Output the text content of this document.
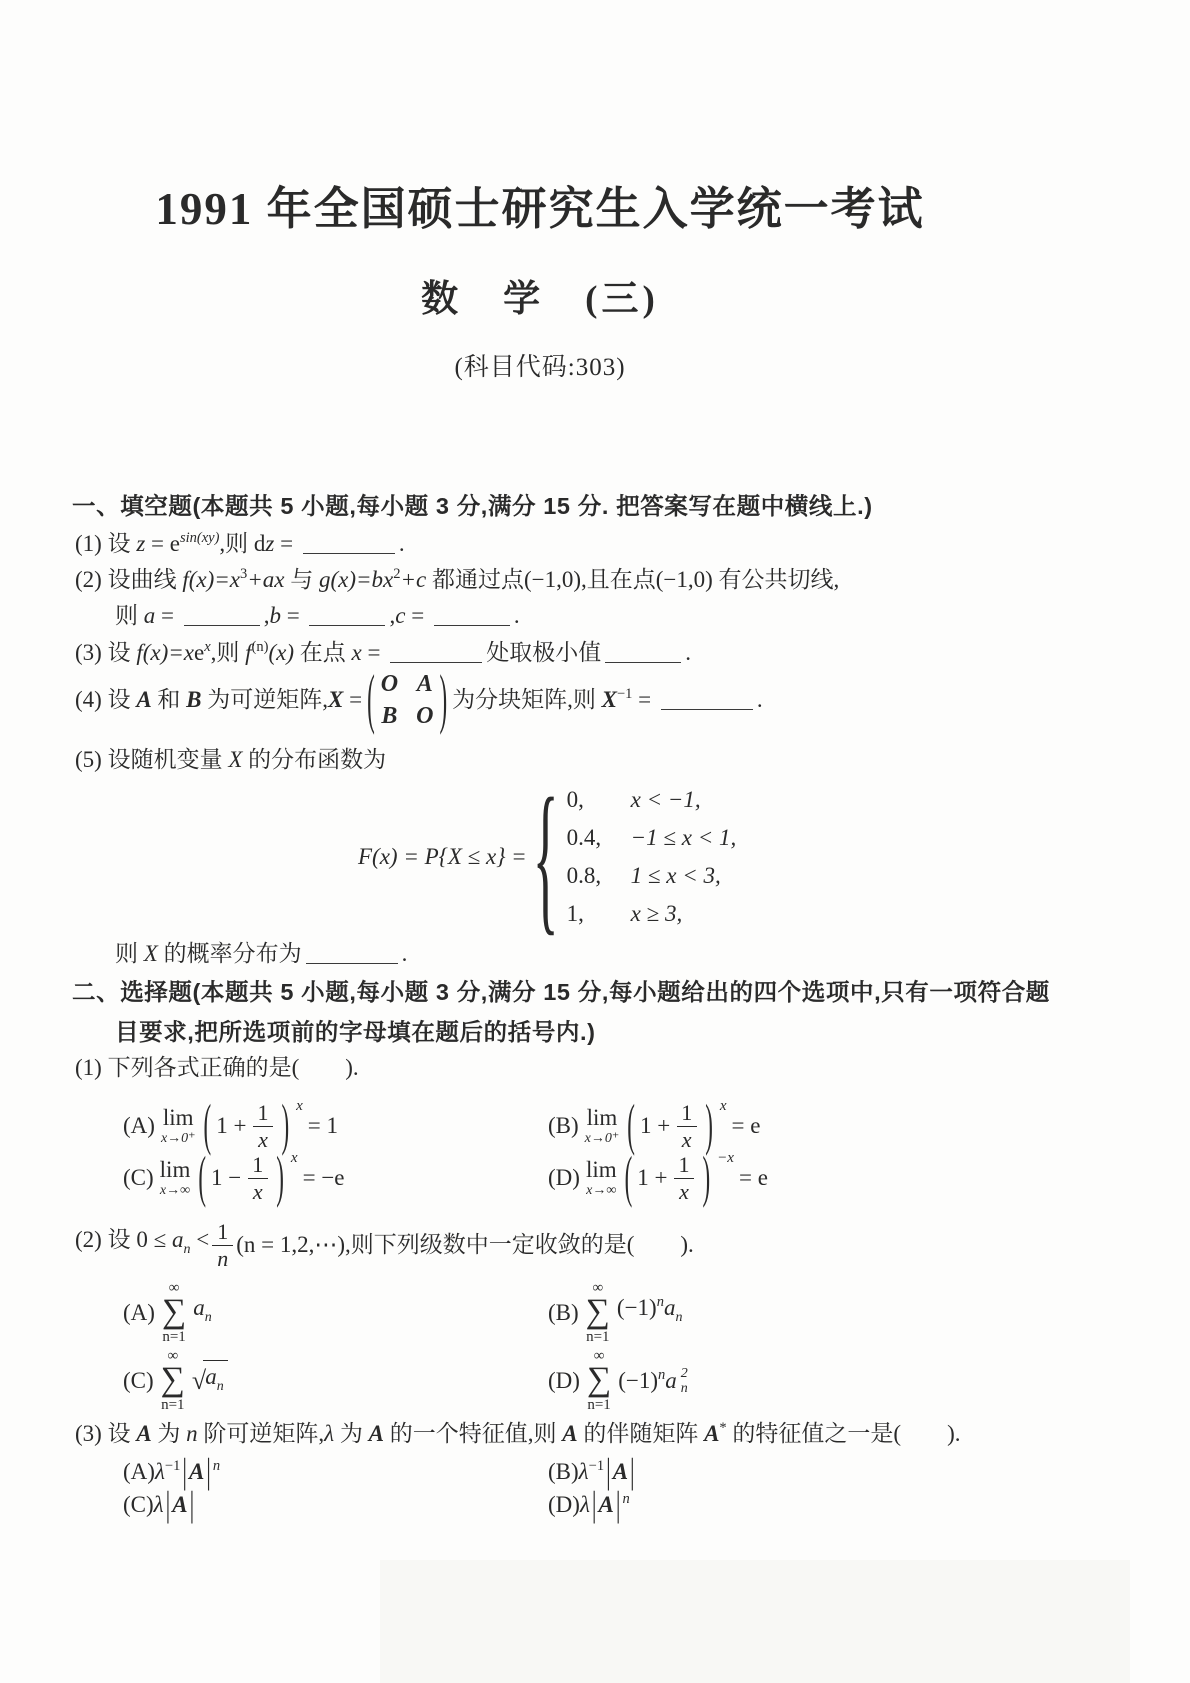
1991 年全国硕士研究生入学统一考试
数　学　(三)
(科目代码:303)
一、填空题(本题共 5 小题,每小题 3 分,满分 15 分. 把答案写在题中横线上.)
(1) 设 z = esin(xy),则 dz =	.
(2) 设曲线 f(x)=x3+ax 与 g(x)=bx2+c 都通过点(−1,0),且在点(−1,0) 有公共切线,
则 a =	,b =	,c =	.
(3) 设 f(x)=xex,则 f(n)(x) 在点 x =	处取极小值	.
(4) 设 A 和 B 为可逆矩阵,X = ( O A
B O ) 为分块矩阵,则 X−1 =	.
(5) 设随机变量 X 的分布函数为
F(x) = P{X ≤ x} = { 0,	x < −1,
0.4,	−1 ≤ x < 1,
0.8,	1 ≤ x < 3,
1,	x ≥ 3,
则 X 的概率分布为	.
二、选择题(本题共 5 小题,每小题 3 分,满分 15 分,每小题给出的四个选项中,只有一项符合题
目要求,把所选项前的字母填在题后的括号内.)
(1) 下列各式正确的是(　　).
(A) lim
x→0⁺ ( $1 + \frac{1}{x}$ ) x
= 1	(B) lim
x→0⁺ ( $1 + \frac{1}{x}$ ) x
= e
(C) lim
x→∞ ( $1 - \frac{1}{x}$ ) x
= −e	(D) lim
x→∞ ( $1 + \frac{1}{x}$ ) −x
= e
(2) 设 $0 \le a_n < \frac{1}{n} (n$ = 1,2,⋯),则下列级数中一定收敛的是(　　).
(A)
∞
∑
n=1
$a_n$	(B)
∞
∑
n=1
$(-1)na_n$
(C)
∞
∑
n=1
√ $a_n$	(D)
∞
∑
n=1
(−1)na 2
n
(3) 设 A 为 n 阶可逆矩阵,λ 为 A 的一个特征值,则 A 的伴随矩阵 A* 的特征值之一是(　　).
(A)λ−1|A| n	(B)λ−1|A|
(C)λ|A|	(D)λ|A| n
